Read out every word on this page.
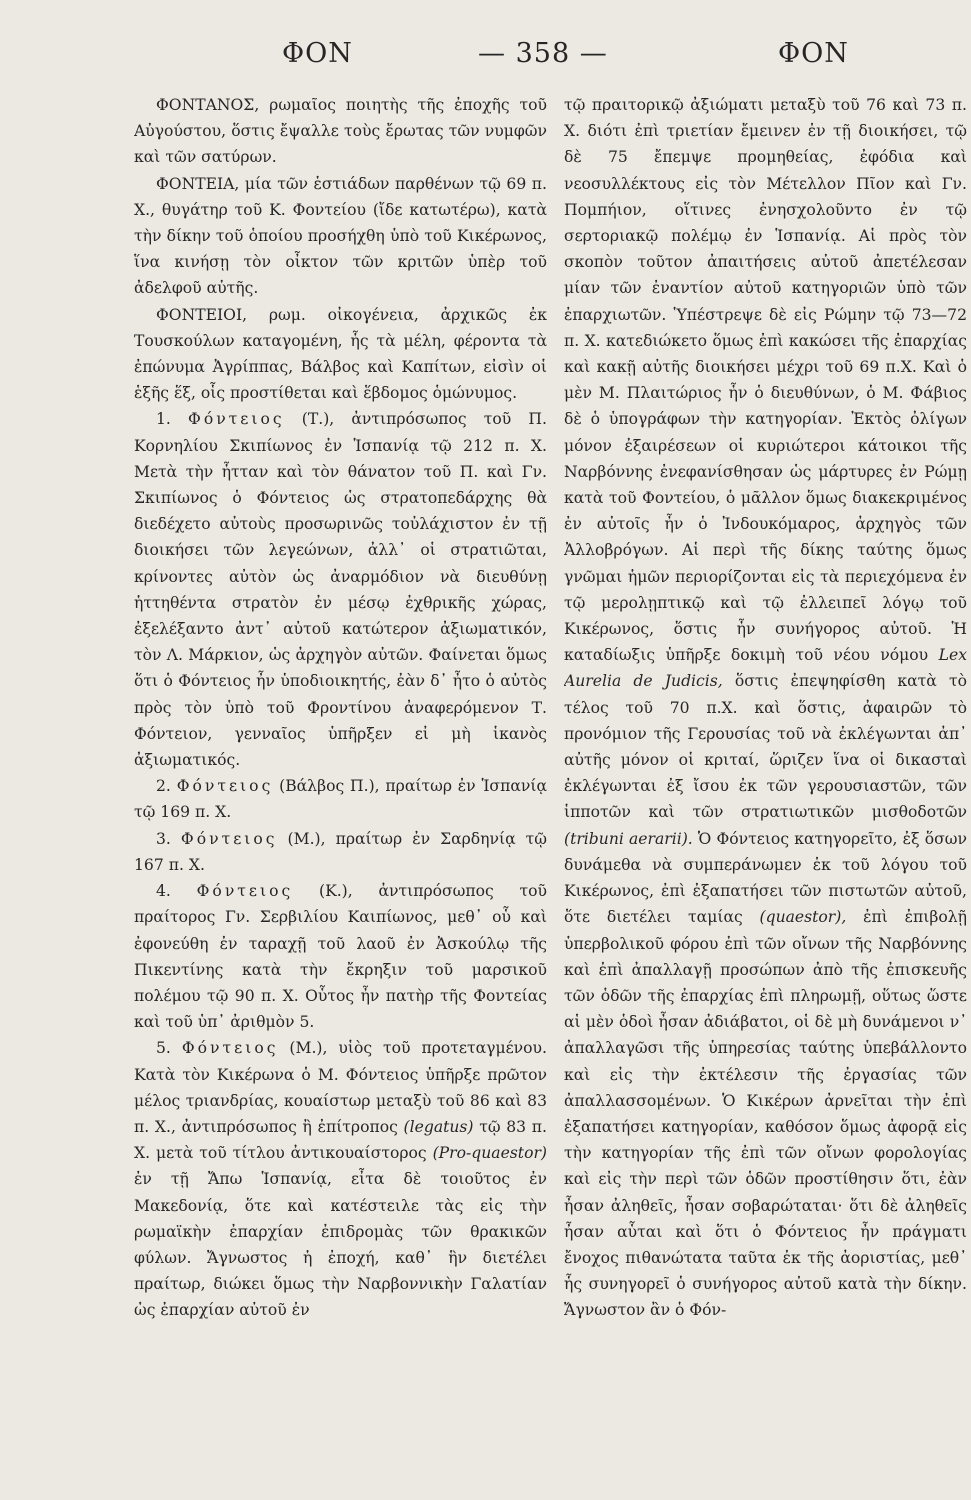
ΦΟΝ	— 358 —	ΦΟΝ

ΦΟΝΤΑΝΟΣ, ρωμαῖος ποιητὴς τῆς ἐποχῆς τοῦ Αὐγούστου, ὅστις ἔψαλλε τοὺς ἔρωτας τῶν νυμφῶν καὶ τῶν σατύρων.

ΦΟΝΤΕΙΑ, μία τῶν ἑστιάδων παρθένων τῷ 69 π. Χ., θυγάτηρ τοῦ Κ. Φοντείου (ἴδε κατωτέρω), κατὰ τὴν δίκην τοῦ ὁποίου προσήχθη ὑπὸ τοῦ Κικέρωνος, ἵνα κινήσῃ τὸν οἶκτον τῶν κριτῶν ὑπὲρ τοῦ ἀδελφοῦ αὐτῆς.

ΦΟΝΤΕΙΟΙ, ρωμ. οἰκογένεια, ἀρχικῶς ἐκ Τουσκούλων καταγομένη, ἧς τὰ μέλη, φέροντα τὰ ἐπώνυμα Ἀγρίππας, Βάλβος καὶ Καπίτων, εἰσὶν οἱ ἑξῆς ἕξ, οἷς προστίθεται καὶ ἕβδομος ὁμώνυμος.

1. Φόντειος (Τ.), ἀντιπρόσωπος τοῦ Π. Κορνηλίου Σκιπίωνος ἐν Ἱσπανίᾳ τῷ 212 π. Χ. Μετὰ τὴν ἧτταν καὶ τὸν θάνατον τοῦ Π. καὶ Γν. Σκιπίωνος ὁ Φόντειος ὡς στρατοπεδάρχης θὰ διεδέχετο αὐτοὺς προσωρινῶς τοὐλάχιστον ἐν τῇ διοικήσει τῶν λεγεώνων, ἀλλ᾽ οἱ στρατιῶται, κρίνοντες αὐτὸν ὡς ἀναρμόδιον νὰ διευθύνῃ ἡττηθέντα στρατὸν ἐν μέσῳ ἐχθρικῆς χώρας, ἐξελέξαντο ἀντ᾽ αὐτοῦ κατώτερον ἀξιωματικόν, τὸν Λ. Μάρκιον, ὡς ἀρχηγὸν αὐτῶν. Φαίνεται ὅμως ὅτι ὁ Φόντειος ἦν ὑποδιοικητής, ἐὰν δ᾽ ἦτο ὁ αὐτὸς πρὸς τὸν ὑπὸ τοῦ Φροντίνου ἀναφερόμενον Τ. Φόντειον, γενναῖος ὑπῆρξεν εἰ μὴ ἱκανὸς ἀξιωματικός.

2. Φόντειος (Βάλβος Π.), πραίτωρ ἐν Ἱσπανίᾳ τῷ 169 π. Χ.

3. Φόντειος (Μ.), πραίτωρ ἐν Σαρδηνίᾳ τῷ 167 π. Χ.

4. Φόντειος (Κ.), ἀντιπρόσωπος τοῦ πραίτορος Γν. Σερβιλίου Καιπίωνος, μεθ᾽ οὗ καὶ ἐφονεύθη ἐν ταραχῇ τοῦ λαοῦ ἐν Ἀσκούλῳ τῆς Πικεντίνης κατὰ τὴν ἔκρηξιν τοῦ μαρσικοῦ πολέμου τῷ 90 π. Χ. Οὗτος ἦν πατὴρ τῆς Φοντείας καὶ τοῦ ὑπ᾽ ἀριθμὸν 5.

5. Φόντειος (Μ.), υἱὸς τοῦ προτεταγμένου. Κατὰ τὸν Κικέρωνα ὁ Μ. Φόντειος ὑπῆρξε πρῶτον μέλος τριανδρίας, κουαίστωρ μεταξὺ τοῦ 86 καὶ 83 π. Χ., ἀντιπρόσωπος ἢ ἐπίτροπος (legatus) τῷ 83 π. Χ. μετὰ τοῦ τίτλου ἀντικουαίστορος (Pro-quaestor) ἐν τῇ Ἄπω Ἱσπανίᾳ, εἶτα δὲ τοιοῦτος ἐν Μακεδονίᾳ, ὅτε καὶ κατέστειλε τὰς εἰς τὴν ρωμαϊκὴν ἐπαρχίαν ἐπιδρομὰς τῶν θρακικῶν φύλων. Ἄγνωστος ἡ ἐποχή, καθ᾽ ἣν διετέλει πραίτωρ, διώκει ὅμως τὴν Ναρβοννικὴν Γαλατίαν ὡς ἐπαρχίαν αὐτοῦ ἐν

τῷ πραιτορικῷ ἀξιώματι μεταξὺ τοῦ 76 καὶ 73 π. Χ. διότι ἐπὶ τριετίαν ἔμεινεν ἐν τῇ διοικήσει, τῷ δὲ 75 ἔπεμψε προμηθείας, ἐφόδια καὶ νεοσυλλέκτους εἰς τὸν Μέτελλον Πῖον καὶ Γν. Πομπήιον, οἵτινες ἐνησχολοῦντο ἐν τῷ σερτοριακῷ πολέμῳ ἐν Ἱσπανίᾳ. Αἱ πρὸς τὸν σκοπὸν τοῦτον ἀπαιτήσεις αὐτοῦ ἀπετέλεσαν μίαν τῶν ἐναντίον αὐτοῦ κατηγοριῶν ὑπὸ τῶν ἐπαρχιωτῶν. Ὑπέστρεψε δὲ εἰς Ρώμην τῷ 73—72 π. Χ. κατεδιώκετο ὅμως ἐπὶ κακώσει τῆς ἐπαρχίας καὶ κακῇ αὐτῆς διοικήσει μέχρι τοῦ 69 π.Χ. Καὶ ὁ μὲν Μ. Πλαιτώριος ἦν ὁ διευθύνων, ὁ Μ. Φάβιος δὲ ὁ ὑπογράφων τὴν κατηγορίαν. Ἐκτὸς ὀλίγων μόνον ἐξαιρέσεων οἱ κυριώτεροι κάτοικοι τῆς Ναρβόννης ἐνεφανίσθησαν ὡς μάρτυρες ἐν Ρώμῃ κατὰ τοῦ Φοντείου, ὁ μᾶλλον ὅμως διακεκριμένος ἐν αὐτοῖς ἦν ὁ Ἰνδουκόμαρος, ἀρχηγὸς τῶν Ἀλλοβρόγων. Αἱ περὶ τῆς δίκης ταύτης ὅμως γνῶμαι ἡμῶν περιορίζονται εἰς τὰ περιεχόμενα ἐν τῷ μερολῃπτικῷ καὶ τῷ ἐλλειπεῖ λόγῳ τοῦ Κικέρωνος, ὅστις ἦν συνήγορος αὐτοῦ. Ἡ καταδίωξις ὑπῆρξε δοκιμὴ τοῦ νέου νόμου Lex Aurelia de Judicis, ὅστις ἐπεψηφίσθη κατὰ τὸ τέλος τοῦ 70 π.Χ. καὶ ὅστις, ἀφαιρῶν τὸ προνόμιον τῆς Γερουσίας τοῦ νὰ ἐκλέγωνται ἀπ᾽ αὐτῆς μόνον οἱ κριταί, ὥριζεν ἵνα οἱ δικασταὶ ἐκλέγωνται ἐξ ἴσου ἐκ τῶν γερουσιαστῶν, τῶν ἱπποτῶν καὶ τῶν στρατιωτικῶν μισθοδοτῶν (tribuni aerarii). Ὁ Φόντειος κατηγορεῖτο, ἐξ ὅσων δυνάμεθα νὰ συμπεράνωμεν ἐκ τοῦ λόγου τοῦ Κικέρωνος, ἐπὶ ἐξαπατήσει τῶν πιστωτῶν αὐτοῦ, ὅτε διετέλει ταμίας (quaestor), ἐπὶ ἐπιβολῇ ὑπερβολικοῦ φόρου ἐπὶ τῶν οἴνων τῆς Ναρβόννης καὶ ἐπὶ ἀπαλλαγῇ προσώπων ἀπὸ τῆς ἐπισκευῆς τῶν ὁδῶν τῆς ἐπαρχίας ἐπὶ πληρωμῇ, οὕτως ὥστε αἱ μὲν ὁδοὶ ἦσαν ἀδιάβατοι, οἱ δὲ μὴ δυνάμενοι ν᾽ ἀπαλλαγῶσι τῆς ὑπηρεσίας ταύτης ὑπεβάλλοντο καὶ εἰς τὴν ἐκτέλεσιν τῆς ἐργασίας τῶν ἀπαλλασσομένων. Ὁ Κικέρων ἀρνεῖται τὴν ἐπὶ ἐξαπατήσει κατηγορίαν, καθόσον ὅμως ἀφορᾷ εἰς τὴν κατηγορίαν τῆς ἐπὶ τῶν οἴνων φορολογίας καὶ εἰς τὴν περὶ τῶν ὁδῶν προστίθησιν ὅτι, ἐὰν ἦσαν ἀληθεῖς, ἦσαν σοβαρώταται· ὅτι δὲ ἀληθεῖς ἦσαν αὗται καὶ ὅτι ὁ Φόντειος ἦν πράγματι ἔνοχος πιθανώτατα ταῦτα ἐκ τῆς ἀοριστίας, μεθ᾽ ἧς συνηγορεῖ ὁ συνήγορος αὐτοῦ κατὰ τὴν δίκην. Ἄγνωστον ἂν ὁ Φόν-
